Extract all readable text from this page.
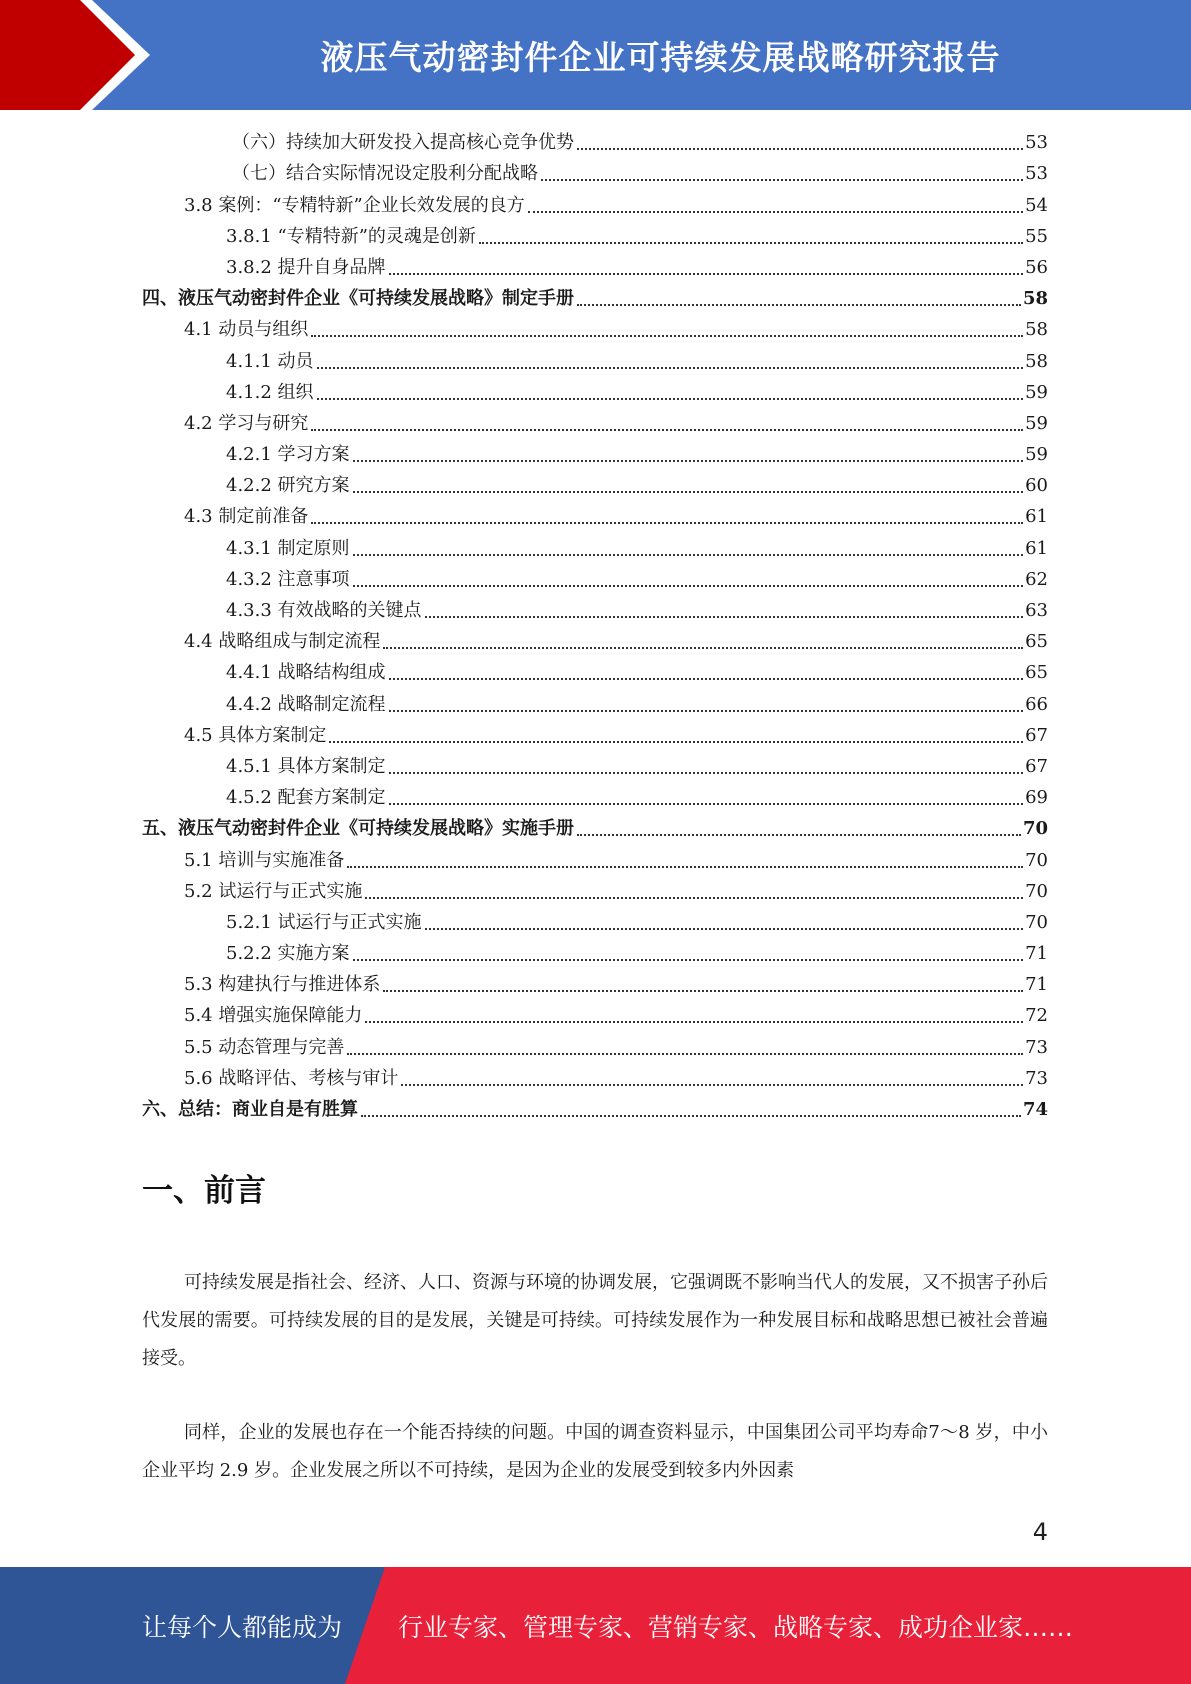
液压气动密封件企业可持续发展战略研究报告
（六）持续加大研发投入提高核心竞争优势	53
（七）结合实际情况设定股利分配战略	53
3.8 案例：“专精特新”企业长效发展的良方	54
3.8.1 “专精特新”的灵魂是创新	55
3.8.2 提升自身品牌	56
四、液压气动密封件企业《可持续发展战略》制定手册	58
4.1 动员与组织	58
4.1.1 动员	58
4.1.2 组织	59
4.2 学习与研究	59
4.2.1 学习方案	59
4.2.2 研究方案	60
4.3 制定前准备	61
4.3.1 制定原则	61
4.3.2 注意事项	62
4.3.3 有效战略的关键点	63
4.4 战略组成与制定流程	65
4.4.1 战略结构组成	65
4.4.2 战略制定流程	66
4.5 具体方案制定	67
4.5.1 具体方案制定	67
4.5.2 配套方案制定	69
五、液压气动密封件企业《可持续发展战略》实施手册	70
5.1 培训与实施准备	70
5.2 试运行与正式实施	70
5.2.1 试运行与正式实施	70
5.2.2 实施方案	71
5.3 构建执行与推进体系	71
5.4 增强实施保障能力	72
5.5 动态管理与完善	73
5.6 战略评估、考核与审计	73
六、总结：商业自是有胜算	74
一、前言

可持续发展是指社会、经济、人口、资源与环境的协调发展，它强调既不影响当代人的发展，又不损害子孙后代发展的需要。可持续发展的目的是发展，关键是可持续。可持续发展作为一种发展目标和战略思想已被社会普遍接受。

同样，企业的发展也存在一个能否持续的问题。中国的调查资料显示，中国集团公司平均寿命7～8 岁，中小企业平均 2.9 岁。企业发展之所以不可持续，是因为企业的发展受到较多内外因素

4
让每个人都能成为 行业专家、管理专家、营销专家、战略专家、成功企业家……
